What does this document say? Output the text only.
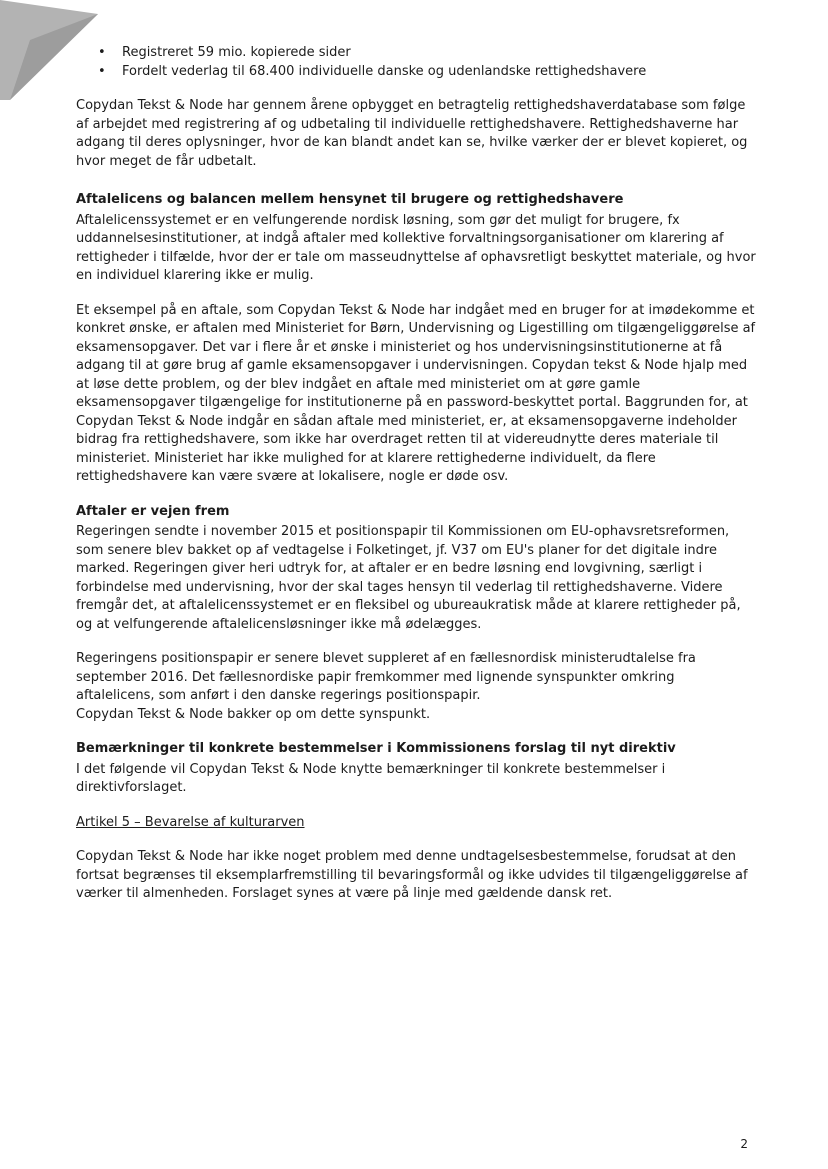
• Registreret 59 mio. kopierede sider
• Fordelt vederlag til 68.400 individuelle danske og udenlandske rettighedshavere

Copydan Tekst & Node har gennem årene opbygget en betragtelig rettighedshaverdatabase som følge af arbejdet med registrering af og udbetaling til individuelle rettighedshavere. Rettighedshaverne har adgang til deres oplysninger, hvor de kan blandt andet kan se, hvilke værker der er blevet kopieret, og hvor meget de får udbetalt.

Aftalelicens og balancen mellem hensynet til brugere og rettighedshavere

Aftalelicenssystemet er en velfungerende nordisk løsning, som gør det muligt for brugere, fx uddannelsesinstitutioner, at indgå aftaler med kollektive forvaltningsorganisationer om klarering af rettigheder i tilfælde, hvor der er tale om masseudnyttelse af ophavsretligt beskyttet materiale, og hvor en individuel klarering ikke er mulig.

Et eksempel på en aftale, som Copydan Tekst & Node har indgået med en bruger for at imødekomme et konkret ønske, er aftalen med Ministeriet for Børn, Undervisning og Ligestilling om tilgængeliggørelse af eksamensopgaver. Det var i flere år et ønske i ministeriet og hos undervisningsinstitutionerne at få adgang til at gøre brug af gamle eksamensopgaver i undervisningen. Copydan tekst & Node hjalp med at løse dette problem, og der blev indgået en aftale med ministeriet om at gøre gamle eksamensopgaver tilgængelige for institutionerne på en password-beskyttet portal. Baggrunden for, at Copydan Tekst & Node indgår en sådan aftale med ministeriet, er, at eksamensopgaverne indeholder bidrag fra rettighedshavere, som ikke har overdraget retten til at videreudnytte deres materiale til ministeriet. Ministeriet har ikke mulighed for at klarere rettighederne individuelt, da flere rettighedshavere kan være svære at lokalisere, nogle er døde osv.

Aftaler er vejen frem

Regeringen sendte i november 2015 et positionspapir til Kommissionen om EU-ophavsretsreformen, som senere blev bakket op af vedtagelse i Folketinget, jf. V37 om EU's planer for det digitale indre marked. Regeringen giver heri udtryk for, at aftaler er en bedre løsning end lovgivning, særligt i forbindelse med undervisning, hvor der skal tages hensyn til vederlag til rettighedshaverne. Videre fremgår det, at aftalelicenssystemet er en fleksibel og ubureaukratisk måde at klarere rettigheder på, og at velfungerende aftalelicensløsninger ikke må ødelægges.

Regeringens positionspapir er senere blevet suppleret af en fællesnordisk ministerudtalelse fra september 2016. Det fællesnordiske papir fremkommer med lignende synspunkter omkring aftalelicens, som anført i den danske regerings positionspapir.

Copydan Tekst & Node bakker op om dette synspunkt.

Bemærkninger til konkrete bestemmelser i Kommissionens forslag til nyt direktiv

I det følgende vil Copydan Tekst & Node knytte bemærkninger til konkrete bestemmelser i direktivforslaget.

Artikel 5 – Bevarelse af kulturarven

Copydan Tekst & Node har ikke noget problem med denne undtagelsesbestemmelse, forudsat at den fortsat begrænses til eksemplarfremstilling til bevaringsformål og ikke udvides til tilgængeliggørelse af værker til almenheden. Forslaget synes at være på linje med gældende dansk ret.

2
